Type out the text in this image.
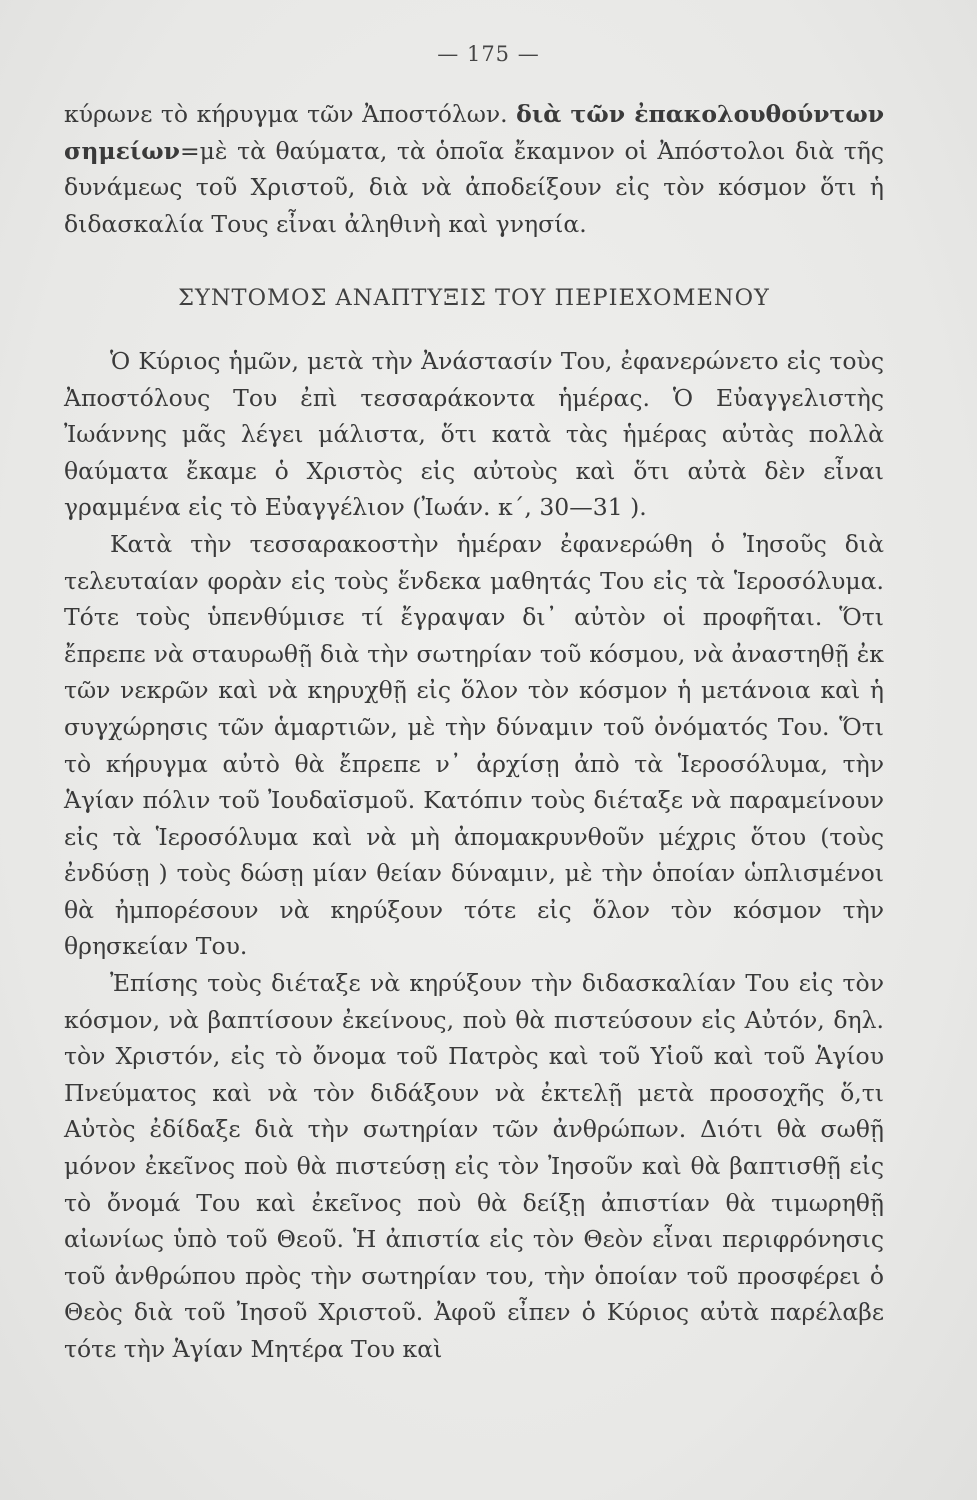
— 175 —

κύρωνε τὸ κήρυγμα τῶν Ἀποστόλων. διὰ τῶν ἐπακολουθούντων σημείων=μὲ τὰ θαύματα, τὰ ὁποῖα ἔκαμνον οἱ Ἀπόστολοι διὰ τῆς δυνάμεως τοῦ Χριστοῦ, διὰ νὰ ἀποδείξουν εἰς τὸν κόσμον ὅτι ἡ διδασκαλία Τους εἶναι ἀληθινὴ καὶ γνησία.

ΣΥΝΤΟΜΟΣ ΑΝΑΠΤΥΞΙΣ ΤΟΥ ΠΕΡΙΕΧΟΜΕΝΟΥ

Ὁ Κύριος ἡμῶν, μετὰ τὴν Ἀνάστασίν Του, ἐφανερώνετο εἰς τοὺς Ἀποστόλους Του ἐπὶ τεσσαράκοντα ἡμέρας. Ὁ Εὐαγγελιστὴς Ἰωάννης μᾶς λέγει μάλιστα, ὅτι κατὰ τὰς ἡμέρας αὐτὰς πολλὰ θαύματα ἔκαμε ὁ Χριστὸς εἰς αὐτοὺς καὶ ὅτι αὐτὰ δὲν εἶναι γραμμένα εἰς τὸ Εὐαγγέλιον (Ἰωάν. κ΄, 30—31 ).

Κατὰ τὴν τεσσαρακοστὴν ἡμέραν ἐφανερώθη ὁ Ἰησοῦς διὰ τελευταίαν φορὰν εἰς τοὺς ἕνδεκα μαθητάς Του εἰς τὰ Ἱεροσόλυμα. Τότε τοὺς ὑπενθύμισε τί ἔγραψαν δι᾽ αὐτὸν οἱ προφῆται. Ὅτι ἔπρεπε νὰ σταυρωθῇ διὰ τὴν σωτηρίαν τοῦ κόσμου, νὰ ἀναστηθῇ ἐκ τῶν νεκρῶν καὶ νὰ κηρυχθῇ εἰς ὅλον τὸν κόσμον ἡ μετάνοια καὶ ἡ συγχώρησις τῶν ἁμαρτιῶν, μὲ τὴν δύναμιν τοῦ ὀνόματός Του. Ὅτι τὸ κήρυγμα αὐτὸ θὰ ἔπρεπε ν᾽ ἀρχίσῃ ἀπὸ τὰ Ἱεροσόλυμα, τὴν Ἁγίαν πόλιν τοῦ Ἰουδαϊσμοῦ. Κατόπιν τοὺς διέταξε νὰ παραμείνουν εἰς τὰ Ἱεροσόλυμα καὶ νὰ μὴ ἀπομακρυνθοῦν μέχρις ὅτου (τοὺς ἐνδύσῃ ) τοὺς δώσῃ μίαν θείαν δύναμιν, μὲ τὴν ὁποίαν ὡπλισμένοι θὰ ἠμπορέσουν νὰ κηρύξουν τότε εἰς ὅλον τὸν κόσμον τὴν θρησκείαν Του.

Ἐπίσης τοὺς διέταξε νὰ κηρύξουν τὴν διδασκαλίαν Του εἰς τὸν κόσμον, νὰ βαπτίσουν ἐκείνους, ποὺ θὰ πιστεύσουν εἰς Αὐτόν, δηλ. τὸν Χριστόν, εἰς τὸ ὄνομα τοῦ Πατρὸς καὶ τοῦ Υἱοῦ καὶ τοῦ Ἁγίου Πνεύματος καὶ νὰ τὸν διδάξουν νὰ ἐκτελῇ μετὰ προσοχῆς ὅ,τι Αὐτὸς ἐδίδαξε διὰ τὴν σωτηρίαν τῶν ἀνθρώπων. Διότι θὰ σωθῇ μόνον ἐκεῖνος ποὺ θὰ πιστεύσῃ εἰς τὸν Ἰησοῦν καὶ θὰ βαπτισθῇ εἰς τὸ ὄνομά Του καὶ ἐκεῖνος ποὺ θὰ δείξῃ ἀπιστίαν θὰ τιμωρηθῇ αἰωνίως ὑπὸ τοῦ Θεοῦ. Ἡ ἀπιστία εἰς τὸν Θεὸν εἶναι περιφρόνησις τοῦ ἀνθρώπου πρὸς τὴν σωτηρίαν του, τὴν ὁποίαν τοῦ προσφέρει ὁ Θεὸς διὰ τοῦ Ἰησοῦ Χριστοῦ. Ἀφοῦ εἶπεν ὁ Κύριος αὐτὰ παρέλαβε τότε τὴν Ἁγίαν Μητέρα Του καὶ
